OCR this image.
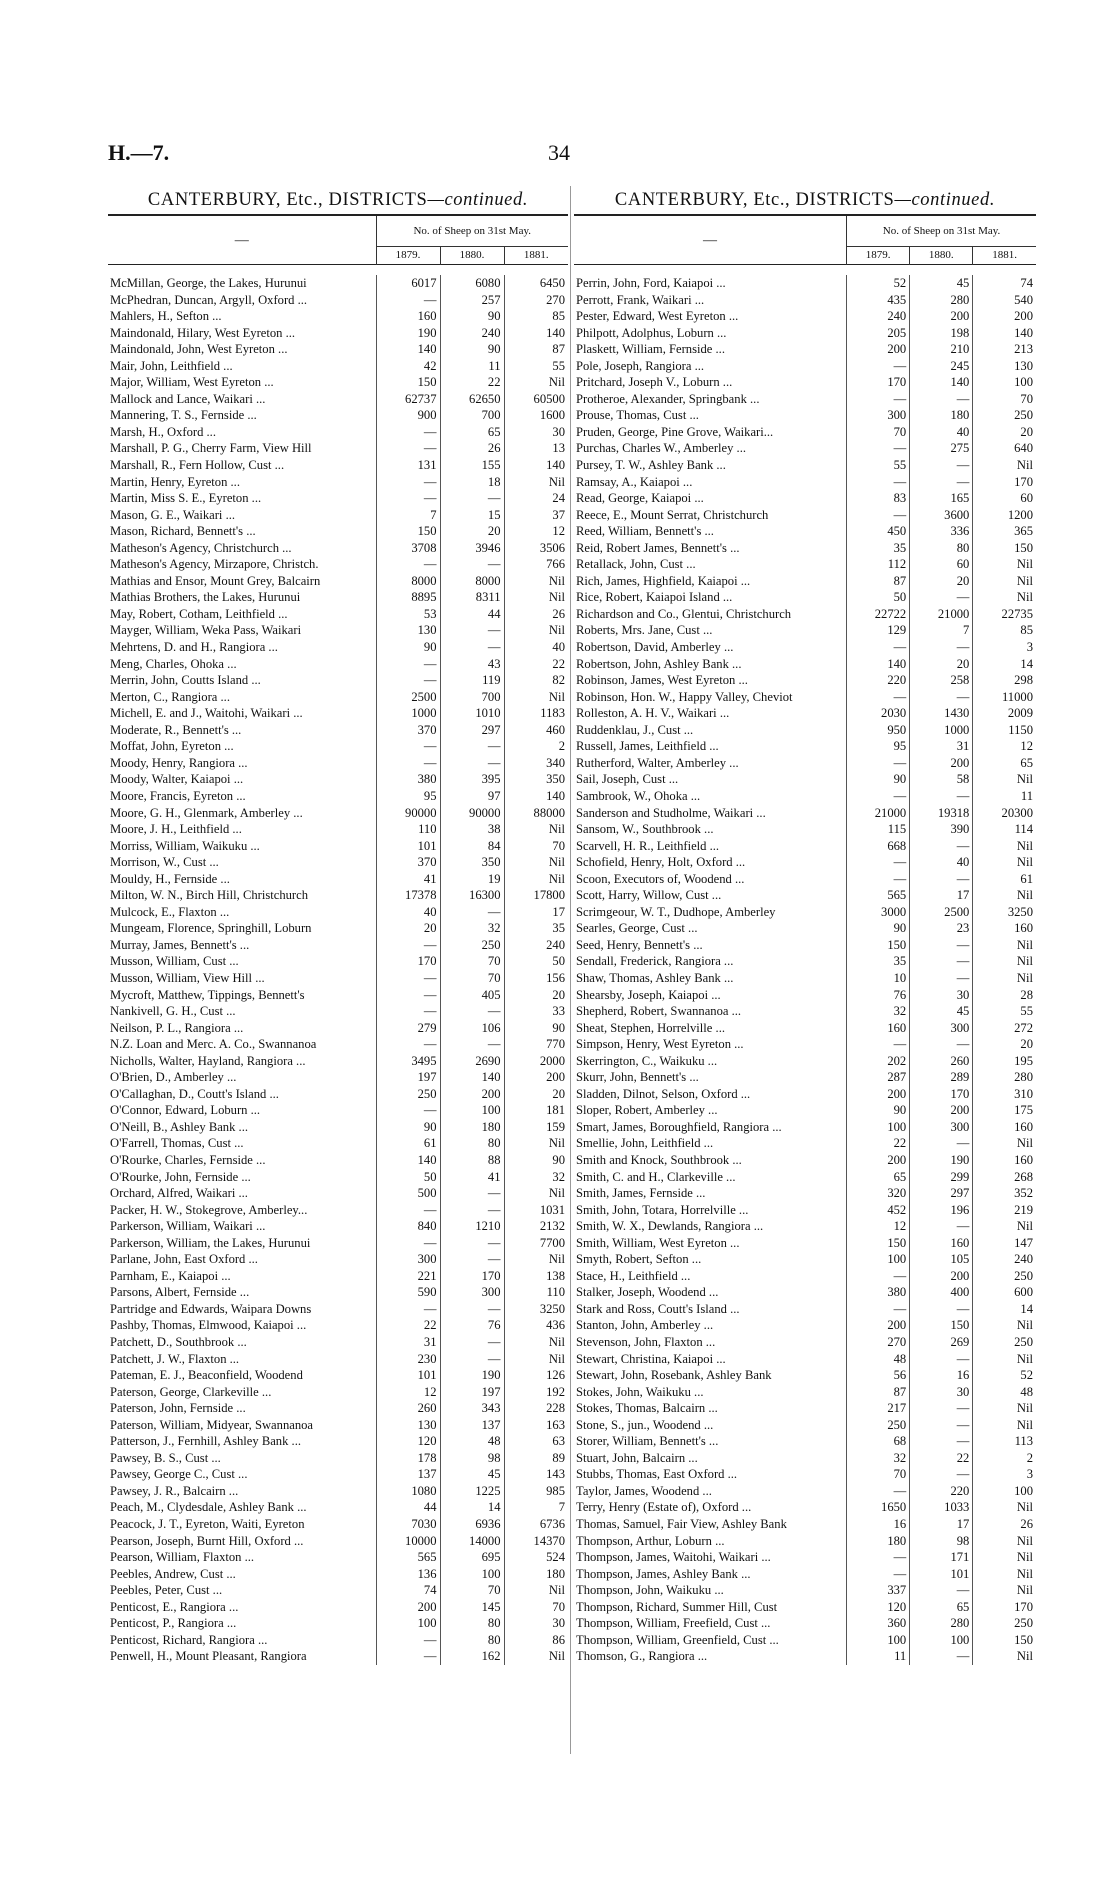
H.—7.	34
CANTERBURY, Etc., DISTRICTS—continued.
—	No. of Sheep on 31st May.		
	1879.	1880.	1881.
McMillan, George, the Lakes, Hurunui	6017	6080	6450
McPhedran, Duncan, Argyll, Oxford ...	—	257	270
Mahlers, H., Sefton ...	160	90	85
Maindonald, Hilary, West Eyreton ...	190	240	140
Maindonald, John, West Eyreton ...	140	90	87
Mair, John, Leithfield ...	42	11	55
Major, William, West Eyreton ...	150	22	Nil
Mallock and Lance, Waikari ...	62737	62650	60500
Mannering, T. S., Fernside ...	900	700	1600
Marsh, H., Oxford ...	—	65	30
Marshall, P. G., Cherry Farm, View Hill	—	26	13
Marshall, R., Fern Hollow, Cust ...	131	155	140
Martin, Henry, Eyreton ...	—	18	Nil
Martin, Miss S. E., Eyreton ...	—	—	24
Mason, G. E., Waikari ...	7	15	37
Mason, Richard, Bennett's ...	150	20	12
Matheson's Agency, Christchurch ...	3708	3946	3506
Matheson's Agency, Mirzapore, Christch.	—	—	766
Mathias and Ensor, Mount Grey, Balcairn	8000	8000	Nil
Mathias Brothers, the Lakes, Hurunui	8895	8311	Nil
May, Robert, Cotham, Leithfield ...	53	44	26
Mayger, William, Weka Pass, Waikari	130	—	Nil
Mehrtens, D. and H., Rangiora ...	90	—	40
Meng, Charles, Ohoka ...	—	43	22
Merrin, John, Coutts Island ...	—	119	82
Merton, C., Rangiora ...	2500	700	Nil
Michell, E. and J., Waitohi, Waikari ...	1000	1010	1183
Moderate, R., Bennett's ...	370	297	460
Moffat, John, Eyreton ...	—	—	2
Moody, Henry, Rangiora ...	—	—	340
Moody, Walter, Kaiapoi ...	380	395	350
Moore, Francis, Eyreton ...	95	97	140
Moore, G. H., Glenmark, Amberley ...	90000	90000	88000
Moore, J. H., Leithfield ...	110	38	Nil
Morriss, William, Waikuku ...	101	84	70
Morrison, W., Cust ...	370	350	Nil
Mouldy, H., Fernside ...	41	19	Nil
Milton, W. N., Birch Hill, Christchurch	17378	16300	17800
Mulcock, E., Flaxton ...	40	—	17
Mungeam, Florence, Springhill, Loburn	20	32	35
Murray, James, Bennett's ...	—	250	240
Musson, William, Cust ...	170	70	50
Musson, William, View Hill ...	—	70	156
Mycroft, Matthew, Tippings, Bennett's	—	405	20
Nankivell, G. H., Cust ...	—	—	33
Neilson, P. L., Rangiora ...	279	106	90
N.Z. Loan and Merc. A. Co., Swannanoa	—	—	770
Nicholls, Walter, Hayland, Rangiora ...	3495	2690	2000
O'Brien, D., Amberley ...	197	140	200
O'Callaghan, D., Coutt's Island ...	250	200	20
O'Connor, Edward, Loburn ...	—	100	181
O'Neill, B., Ashley Bank ...	90	180	159
O'Farrell, Thomas, Cust ...	61	80	Nil
O'Rourke, Charles, Fernside ...	140	88	90
O'Rourke, John, Fernside ...	50	41	32
Orchard, Alfred, Waikari ...	500	—	Nil
Packer, H. W., Stokegrove, Amberley...	—	—	1031
Parkerson, William, Waikari ...	840	1210	2132
Parkerson, William, the Lakes, Hurunui	—	—	7700
Parlane, John, East Oxford ...	300	—	Nil
Parnham, E., Kaiapoi ...	221	170	138
Parsons, Albert, Fernside ...	590	300	110
Partridge and Edwards, Waipara Downs	—	—	3250
Pashby, Thomas, Elmwood, Kaiapoi ...	22	76	436
Patchett, D., Southbrook ...	31	—	Nil
Patchett, J. W., Flaxton ...	230	—	Nil
Pateman, E. J., Beaconfield, Woodend	101	190	126
Paterson, George, Clarkeville ...	12	197	192
Paterson, John, Fernside ...	260	343	228
Paterson, William, Midyear, Swannanoa	130	137	163
Patterson, J., Fernhill, Ashley Bank ...	120	48	63
Pawsey, B. S., Cust ...	178	98	89
Pawsey, George C., Cust ...	137	45	143
Pawsey, J. R., Balcairn ...	1080	1225	985
Peach, M., Clydesdale, Ashley Bank ...	44	14	7
Peacock, J. T., Eyreton, Waiti, Eyreton	7030	6936	6736
Pearson, Joseph, Burnt Hill, Oxford ...	10000	14000	14370
Pearson, William, Flaxton ...	565	695	524
Peebles, Andrew, Cust ...	136	100	180
Peebles, Peter, Cust ...	74	70	Nil
Penticost, E., Rangiora ...	200	145	70
Penticost, P., Rangiora ...	100	80	30
Penticost, Richard, Rangiora ...	—	80	86
Penwell, H., Mount Pleasant, Rangiora	—	162	Nil
CANTERBURY, Etc., DISTRICTS—continued.
—	No. of Sheep on 31st May.		
	1879.	1880.	1881.
Perrin, John, Ford, Kaiapoi ...	52	45	74
Perrott, Frank, Waikari ...	435	280	540
Pester, Edward, West Eyreton ...	240	200	200
Philpott, Adolphus, Loburn ...	205	198	140
Plaskett, William, Fernside ...	200	210	213
Pole, Joseph, Rangiora ...	—	245	130
Pritchard, Joseph V., Loburn ...	170	140	100
Protheroe, Alexander, Springbank ...	—	—	70
Prouse, Thomas, Cust ...	300	180	250
Pruden, George, Pine Grove, Waikari...	70	40	20
Purchas, Charles W., Amberley ...	—	275	640
Pursey, T. W., Ashley Bank ...	55	—	Nil
Ramsay, A., Kaiapoi ...	—	—	170
Read, George, Kaiapoi ...	83	165	60
Reece, E., Mount Serrat, Christchurch	—	3600	1200
Reed, William, Bennett's ...	450	336	365
Reid, Robert James, Bennett's ...	35	80	150
Retallack, John, Cust ...	112	60	Nil
Rich, James, Highfield, Kaiapoi ...	87	20	Nil
Rice, Robert, Kaiapoi Island ...	50	—	Nil
Richardson and Co., Glentui, Christchurch	22722	21000	22735
Roberts, Mrs. Jane, Cust ...	129	7	85
Robertson, David, Amberley ...	—	—	3
Robertson, John, Ashley Bank ...	140	20	14
Robinson, James, West Eyreton ...	220	258	298
Robinson, Hon. W., Happy Valley, Cheviot	—	—	11000
Rolleston, A. H. V., Waikari ...	2030	1430	2009
Ruddenklau, J., Cust ...	950	1000	1150
Russell, James, Leithfield ...	95	31	12
Rutherford, Walter, Amberley ...	—	200	65
Sail, Joseph, Cust ...	90	58	Nil
Sambrook, W., Ohoka ...	—	—	11
Sanderson and Studholme, Waikari ...	21000	19318	20300
Sansom, W., Southbrook ...	115	390	114
Scarvell, H. R., Leithfield ...	668	—	Nil
Schofield, Henry, Holt, Oxford ...	—	40	Nil
Scoon, Executors of, Woodend ...	—	—	61
Scott, Harry, Willow, Cust ...	565	17	Nil
Scrimgeour, W. T., Dudhope, Amberley	3000	2500	3250
Searles, George, Cust ...	90	23	160
Seed, Henry, Bennett's ...	150	—	Nil
Sendall, Frederick, Rangiora ...	35	—	Nil
Shaw, Thomas, Ashley Bank ...	10	—	Nil
Shearsby, Joseph, Kaiapoi ...	76	30	28
Shepherd, Robert, Swannanoa ...	32	45	55
Sheat, Stephen, Horrelville ...	160	300	272
Simpson, Henry, West Eyreton ...	—	—	20
Skerrington, C., Waikuku ...	202	260	195
Skurr, John, Bennett's ...	287	289	280
Sladden, Dilnot, Selson, Oxford ...	200	170	310
Sloper, Robert, Amberley ...	90	200	175
Smart, James, Boroughfield, Rangiora ...	100	300	160
Smellie, John, Leithfield ...	22	—	Nil
Smith and Knock, Southbrook ...	200	190	160
Smith, C. and H., Clarkeville ...	65	299	268
Smith, James, Fernside ...	320	297	352
Smith, John, Totara, Horrelville ...	452	196	219
Smith, W. X., Dewlands, Rangiora ...	12	—	Nil
Smith, William, West Eyreton ...	150	160	147
Smyth, Robert, Sefton ...	100	105	240
Stace, H., Leithfield ...	—	200	250
Stalker, Joseph, Woodend ...	380	400	600
Stark and Ross, Coutt's Island ...	—	—	14
Stanton, John, Amberley ...	200	150	Nil
Stevenson, John, Flaxton ...	270	269	250
Stewart, Christina, Kaiapoi ...	48	—	Nil
Stewart, John, Rosebank, Ashley Bank	56	16	52
Stokes, John, Waikuku ...	87	30	48
Stokes, Thomas, Balcairn ...	217	—	Nil
Stone, S., jun., Woodend ...	250	—	Nil
Storer, William, Bennett's ...	68	—	113
Stuart, John, Balcairn ...	32	22	2
Stubbs, Thomas, East Oxford ...	70	—	3
Taylor, James, Woodend ...	—	220	100
Terry, Henry (Estate of), Oxford ...	1650	1033	Nil
Thomas, Samuel, Fair View, Ashley Bank	16	17	26
Thompson, Arthur, Loburn ...	180	98	Nil
Thompson, James, Waitohi, Waikari ...	—	171	Nil
Thompson, James, Ashley Bank ...	—	101	Nil
Thompson, John, Waikuku ...	337	—	Nil
Thompson, Richard, Summer Hill, Cust	120	65	170
Thompson, William, Freefield, Cust ...	360	280	250
Thompson, William, Greenfield, Cust ...	100	100	150
Thomson, G., Rangiora ...	11	—	Nil
